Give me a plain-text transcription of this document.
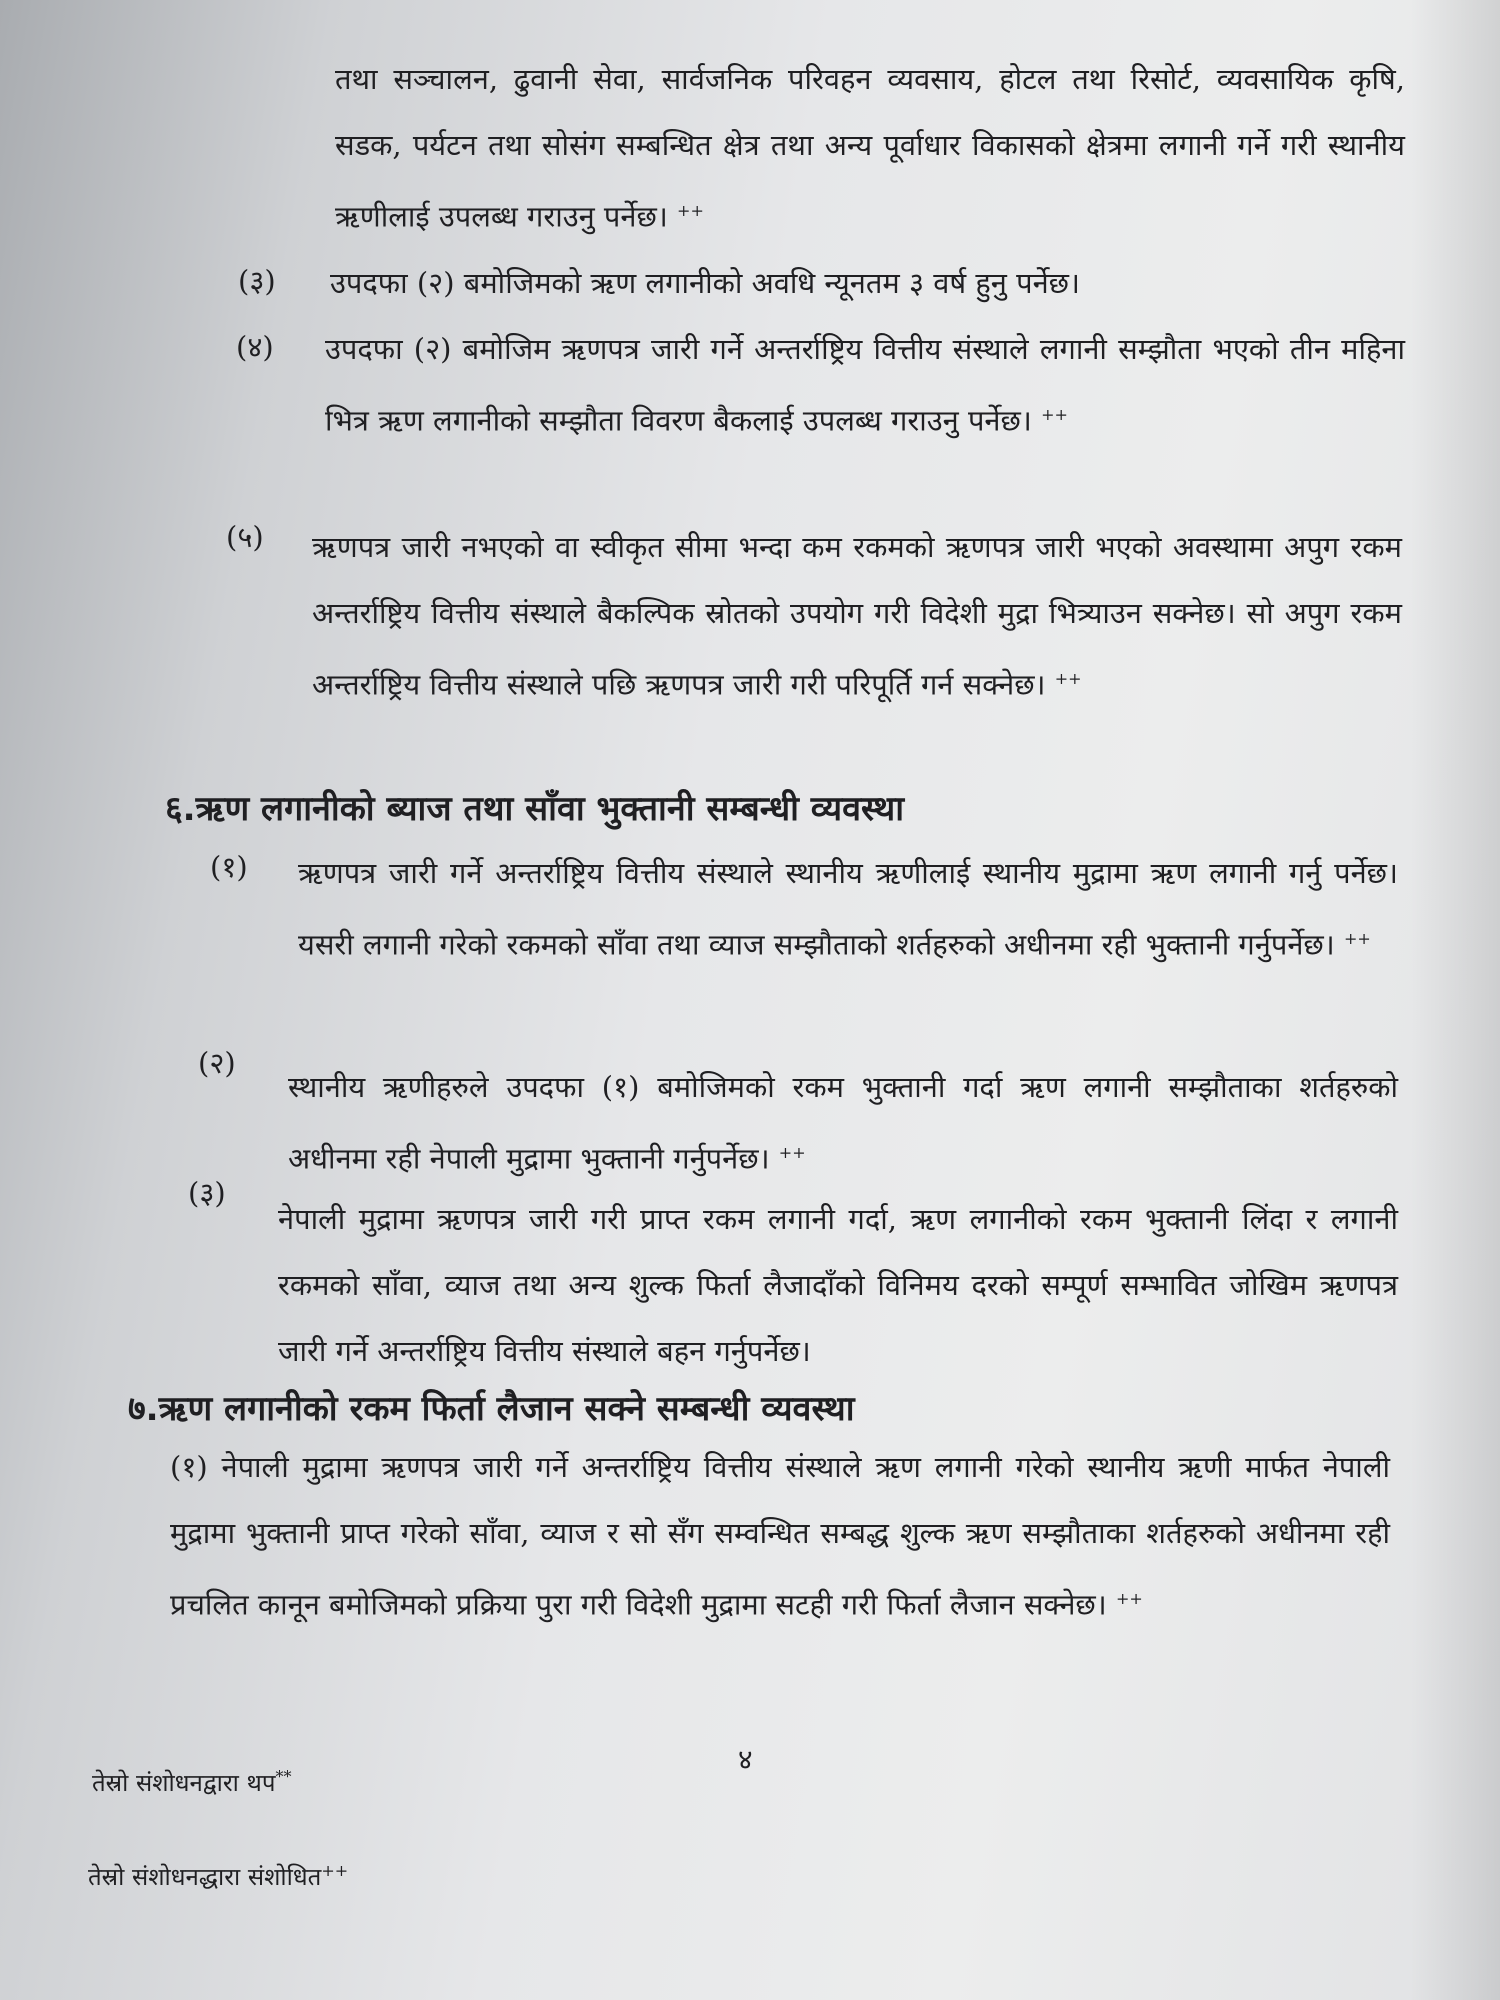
तथा सञ्चालन, ढुवानी सेवा, सार्वजनिक परिवहन व्यवसाय, होटल तथा रिसोर्ट, व्यवसायिक कृषि, सडक, पर्यटन तथा सोसंग सम्बन्धित क्षेत्र तथा अन्य पूर्वाधार विकासको क्षेत्रमा लगानी गर्ने गरी स्थानीय ऋणीलाई उपलब्ध गराउनु पर्नेछ। ++

(३) उपदफा (२) बमोजिमको ऋण लगानीको अवधि न्यूनतम ३ वर्ष हुनु पर्नेछ।

(४) उपदफा (२) बमोजिम ऋणपत्र जारी गर्ने अन्तर्राष्ट्रिय वित्तीय संस्थाले लगानी सम्झौता भएको तीन महिना भित्र ऋण लगानीको सम्झौता विवरण बैकलाई उपलब्ध गराउनु पर्नेछ। ++

(५) ऋणपत्र जारी नभएको वा स्वीकृत सीमा भन्दा कम रकमको ऋणपत्र जारी भएको अवस्थामा अपुग रकम अन्तर्राष्ट्रिय वित्तीय संस्थाले बैकल्पिक स्रोतको उपयोग गरी विदेशी मुद्रा भित्र्याउन सक्नेछ। सो अपुग रकम अन्तर्राष्ट्रिय वित्तीय संस्थाले पछि ऋणपत्र जारी गरी परिपूर्ति गर्न सक्नेछ। ++

६.ऋण लगानीको ब्याज तथा साँवा भुक्तानी सम्बन्धी व्यवस्था
(१) ऋणपत्र जारी गर्ने अन्तर्राष्ट्रिय वित्तीय संस्थाले स्थानीय ऋणीलाई स्थानीय मुद्रामा ऋण लगानी गर्नु पर्नेछ। यसरी लगानी गरेको रकमको साँवा तथा व्याज सम्झौताको शर्तहरुको अधीनमा रही भुक्तानी गर्नुपर्नेछ। ++

(२)

स्थानीय ऋणीहरुले उपदफा (१) बमोजिमको रकम भुक्तानी गर्दा ऋण लगानी सम्झौताका शर्तहरुको अधीनमा रही नेपाली मुद्रामा भुक्तानी गर्नुपर्नेछ। ++

(३)

नेपाली मुद्रामा ऋणपत्र जारी गरी प्राप्त रकम लगानी गर्दा, ऋण लगानीको रकम भुक्तानी लिंदा र लगानी रकमको साँवा, व्याज तथा अन्य शुल्क फिर्ता लैजादाँको विनिमय दरको सम्पूर्ण सम्भावित जोखिम ऋणपत्र जारी गर्ने अन्तर्राष्ट्रिय वित्तीय संस्थाले बहन गर्नुपर्नेछ।

७.ऋण लगानीको रकम फिर्ता लैजान सक्ने सम्बन्धी व्यवस्था

(१) नेपाली मुद्रामा ऋणपत्र जारी गर्ने अन्तर्राष्ट्रिय वित्तीय संस्थाले ऋण लगानी गरेको स्थानीय ऋणी मार्फत नेपाली मुद्रामा भुक्तानी प्राप्त गरेको साँवा, व्याज र सो सँग सम्वन्धित सम्बद्ध शुल्क ऋण सम्झौताका शर्तहरुको अधीनमा रही प्रचलित कानून बमोजिमको प्रक्रिया पुरा गरी विदेशी मुद्रामा सटही गरी फिर्ता लैजान सक्नेछ। ++

४
तेस्रो संशोधनद्वारा थप**
तेस्रो संशोधनद्धारा संशोधित++
